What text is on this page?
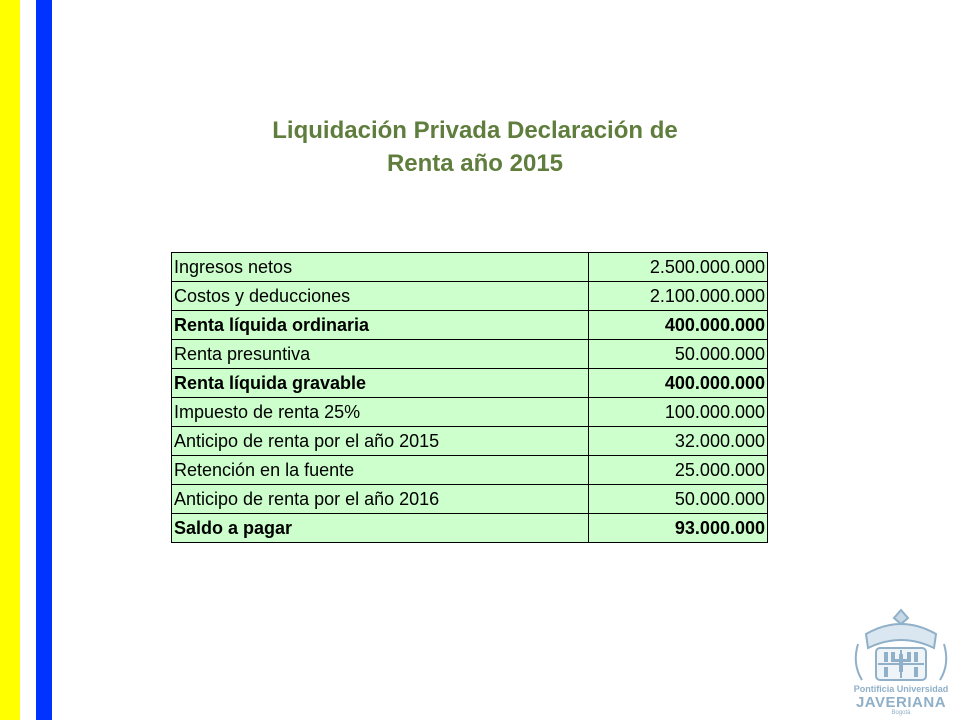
Liquidación Privada Declaración de
Renta año 2015
Ingresos netos	2.500.000.000
Costos y deducciones	2.100.000.000
Renta líquida ordinaria	400.000.000
Renta presuntiva	50.000.000
Renta líquida gravable	400.000.000
Impuesto de renta 25%	100.000.000
Anticipo de renta por el año 2015	32.000.000
Retención en la fuente	25.000.000
Anticipo de renta por el año 2016	50.000.000
Saldo a pagar	93.000.000
Pontificia Universidad
JAVERIANA
Bogotá
